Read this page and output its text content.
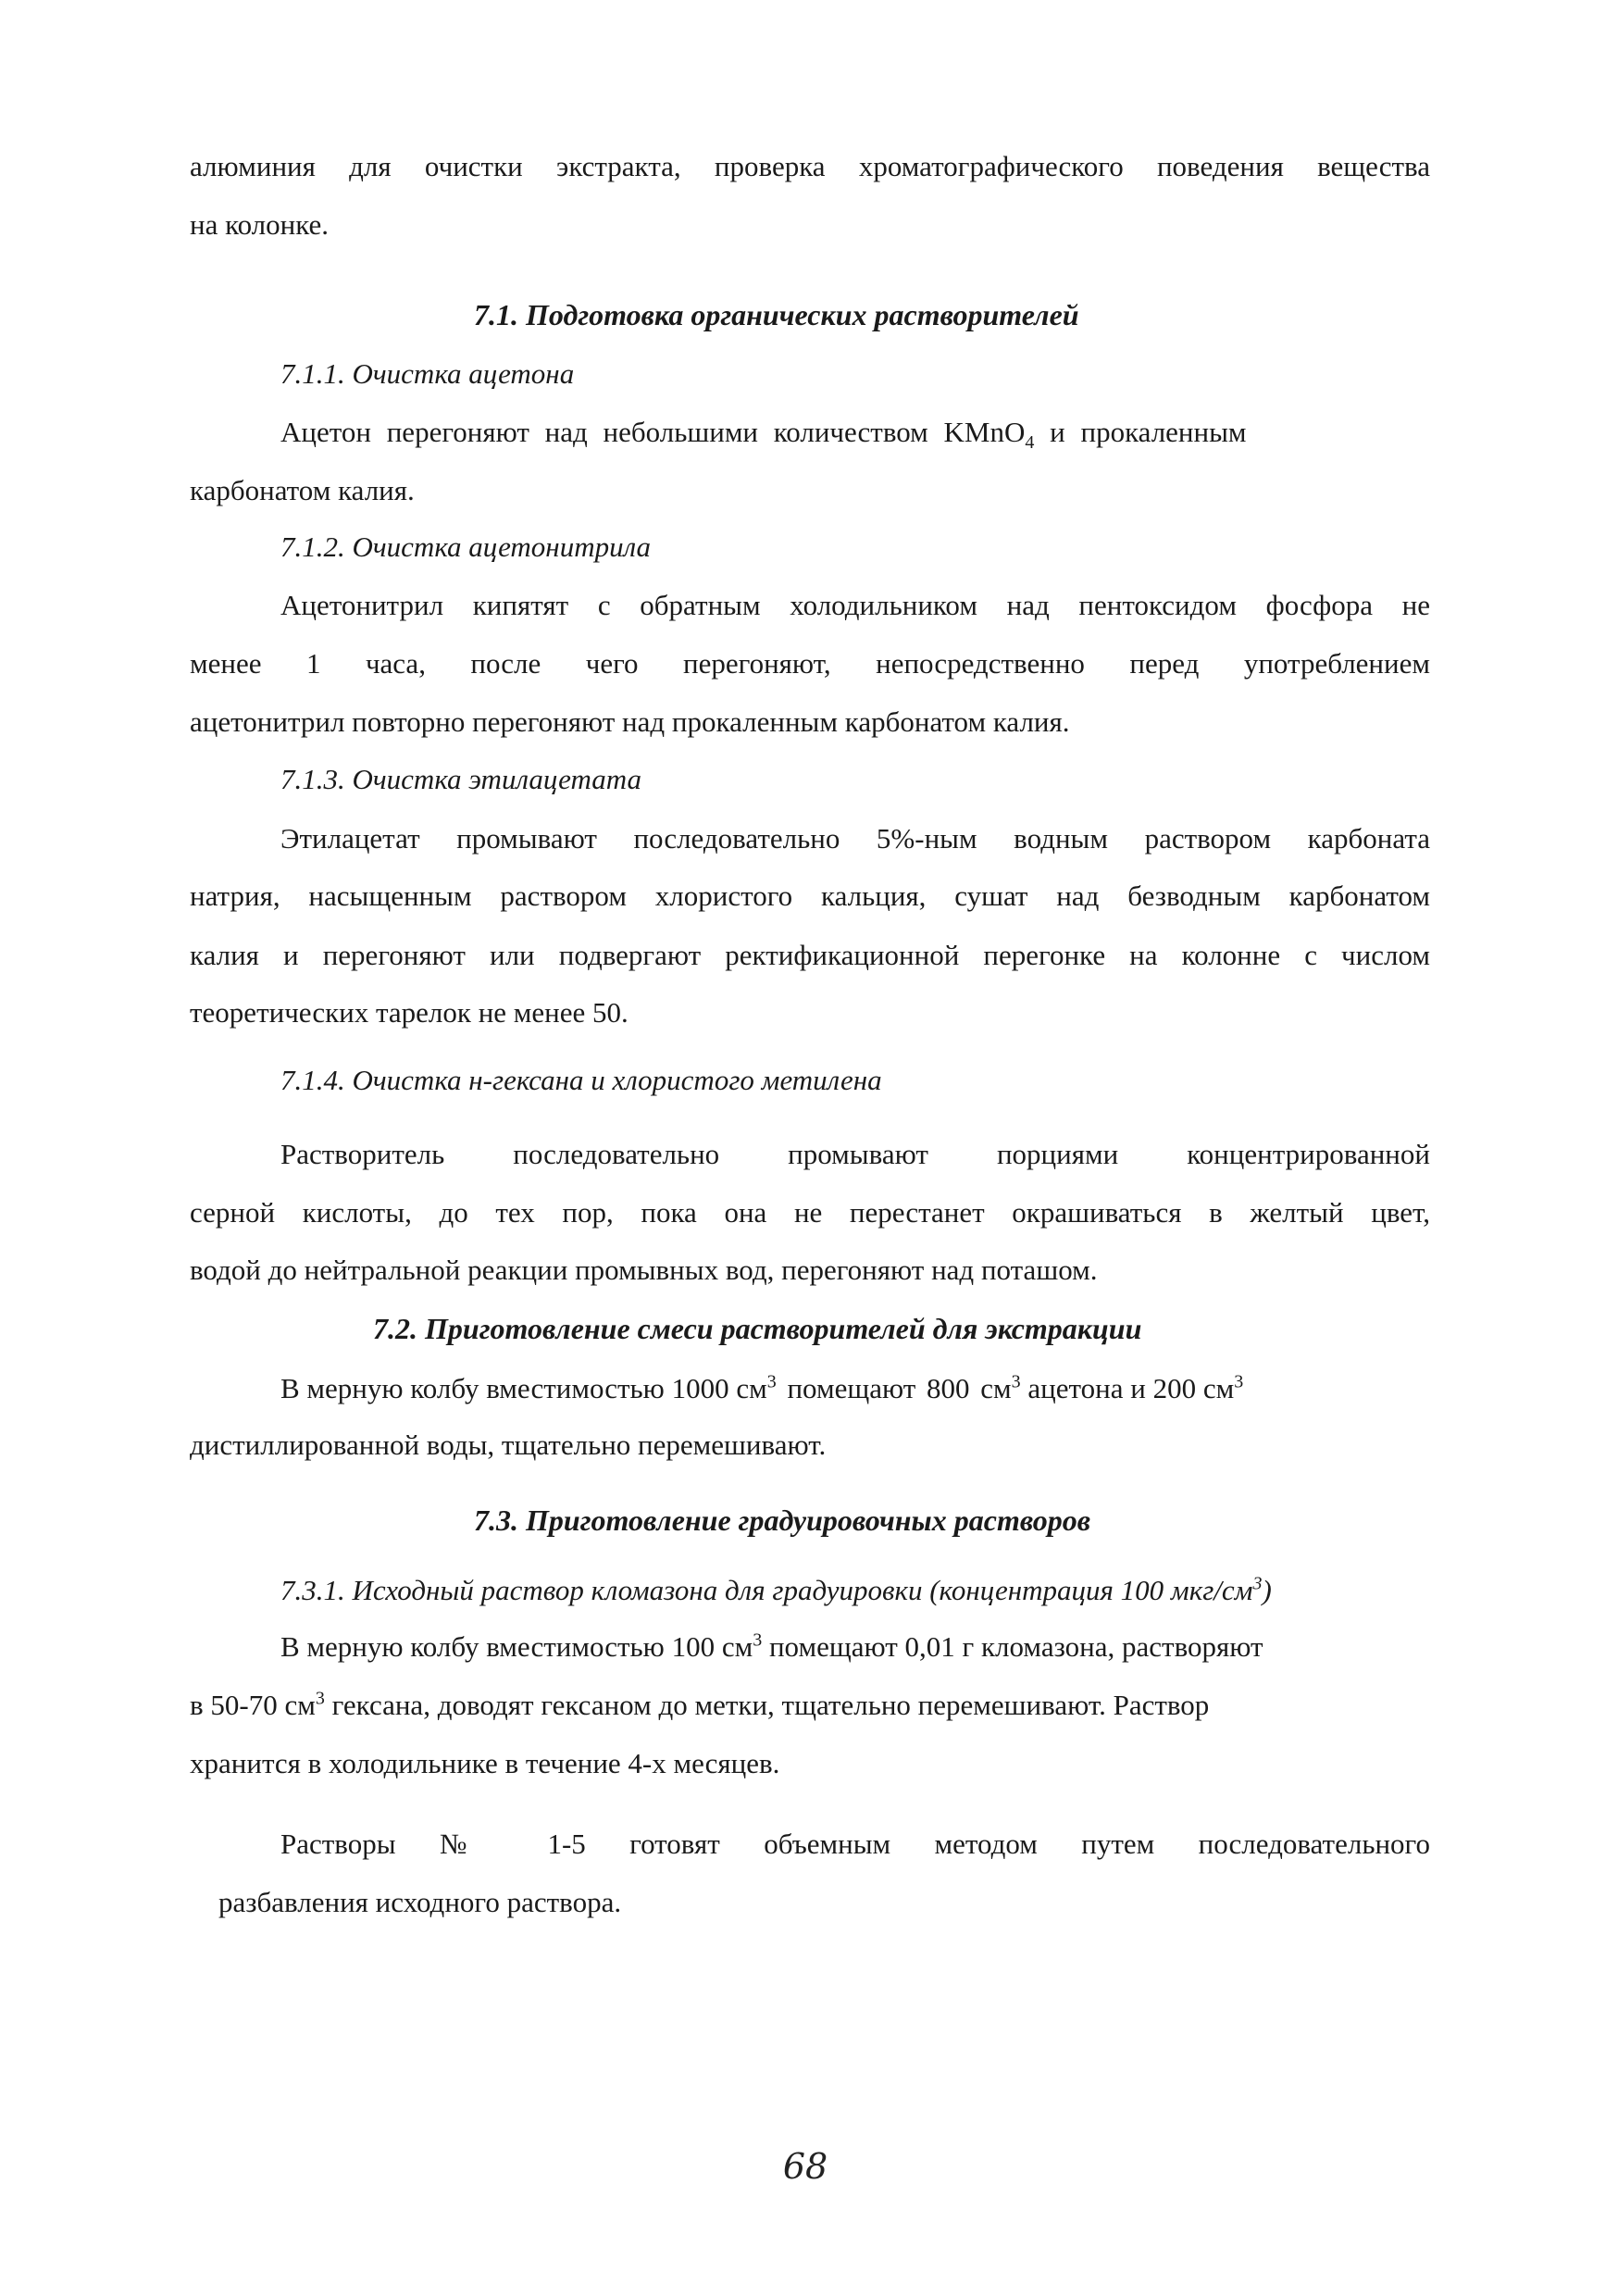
алюминия для очистки экстракта, проверка хроматографического поведения вещества
на колонке.
7.1. Подготовка органических растворителей
7.1.1. Очистка ацетона
Ацетон перегоняют над небольшими количеством KMnO$_4$ и прокаленным
карбонатом калия.
7.1.2. Очистка ацетонитрила
Ацетонитрил кипятят с обратным холодильником над пентоксидом фосфора не
менее 1 часа, после чего перегоняют, непосредственно перед употреблением
ацетонитрил повторно перегоняют над прокаленным карбонатом калия.
7.1.3. Очистка этилацетата
Этилацетат промывают последовательно 5%-ным водным раствором карбоната
натрия, насыщенным раствором хлористого кальция, сушат над безводным карбонатом
калия и перегоняют или подвергают ректификационной перегонке на колонне с числом
теоретических тарелок не менее 50.
7.1.4. Очистка н-гексана и хлористого метилена
Растворитель последовательно промывают порциями концентрированной
серной кислоты, до тех пор, пока она не перестанет окрашиваться в желтый цвет,
водой до нейтральной реакции промывных вод, перегоняют над поташом.
7.2. Приготовление смеси растворителей для экстракции
В мерную колбу вместимостью 1000 $см^3$ помещают 800 $см^3$ ацетона и 200 $см^3$
дистиллированной воды, тщательно перемешивают.
7.3. Приготовление градуировочных растворов
7.3.1. Исходный раствор кломазона для градуировки (концентрация 100 мкг/$см^3$)
В мерную колбу вместимостью 100 $см^3$ помещают 0,01 г кломазона, растворяют
в 50-70 $см^3$ гексана, доводят гексаном до метки, тщательно перемешивают. Раствор
хранится в холодильнике в течение 4-х месяцев.
Растворы № 1-5 готовят объемным методом путем последовательного
разбавления исходного раствора.
68
